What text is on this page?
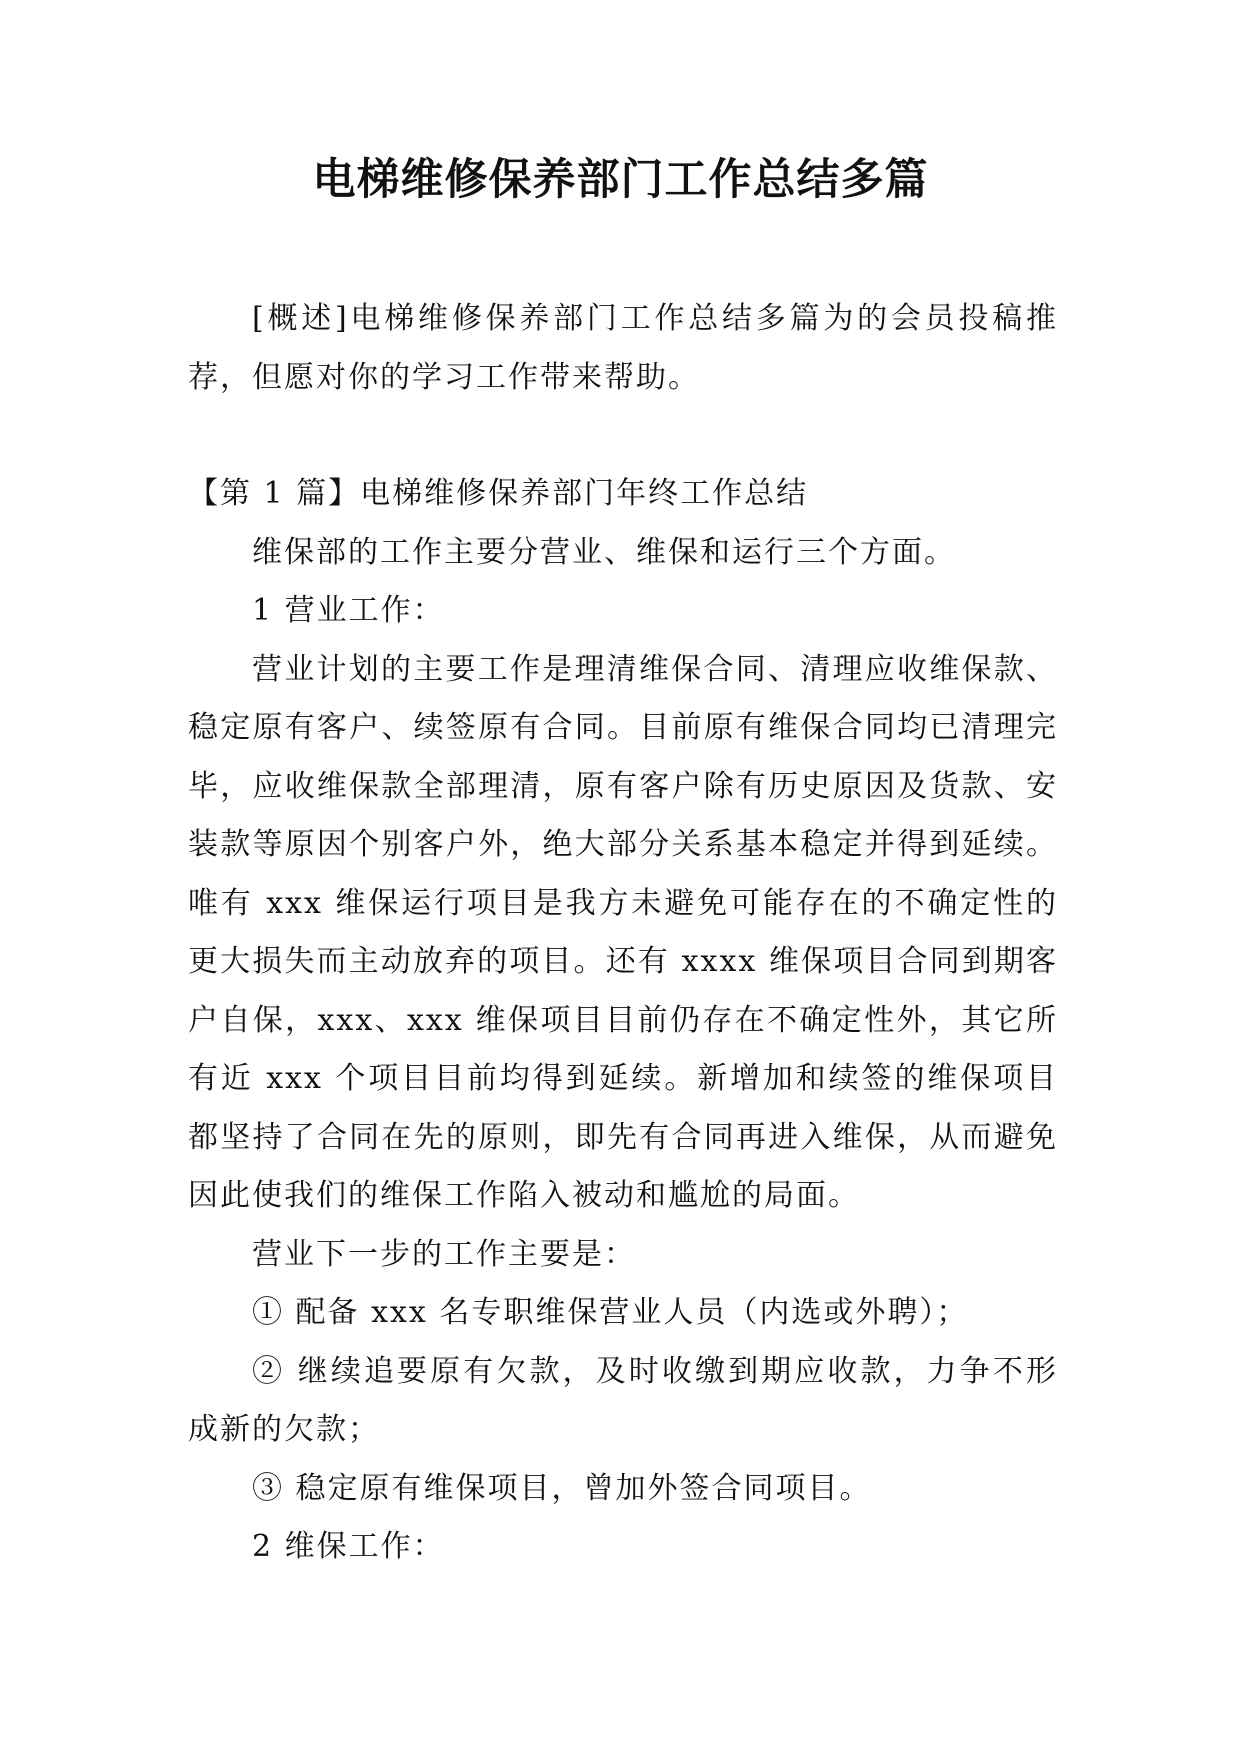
电梯维修保养部门工作总结多篇

[概述]电梯维修保养部门工作总结多篇为的会员投稿推荐，但愿对你的学习工作带来帮助。

【第 1 篇】电梯维修保养部门年终工作总结

维保部的工作主要分营业、维保和运行三个方面。

1 营业工作：

营业计划的主要工作是理清维保合同、清理应收维保款、稳定原有客户、续签原有合同。目前原有维保合同均已清理完毕，应收维保款全部理清，原有客户除有历史原因及货款、安装款等原因个别客户外，绝大部分关系基本稳定并得到延续。唯有 xxx 维保运行项目是我方未避免可能存在的不确定性的更大损失而主动放弃的项目。还有 xxxx 维保项目合同到期客户自保，xxx、xxx 维保项目目前仍存在不确定性外，其它所有近 xxx 个项目目前均得到延续。新增加和续签的维保项目都坚持了合同在先的原则，即先有合同再进入维保，从而避免因此使我们的维保工作陷入被动和尴尬的局面。

营业下一步的工作主要是：

① 配备 xxx 名专职维保营业人员（内选或外聘）；

② 继续追要原有欠款，及时收缴到期应收款，力争不形成新的欠款；

③ 稳定原有维保项目，曾加外签合同项目。

2 维保工作：
